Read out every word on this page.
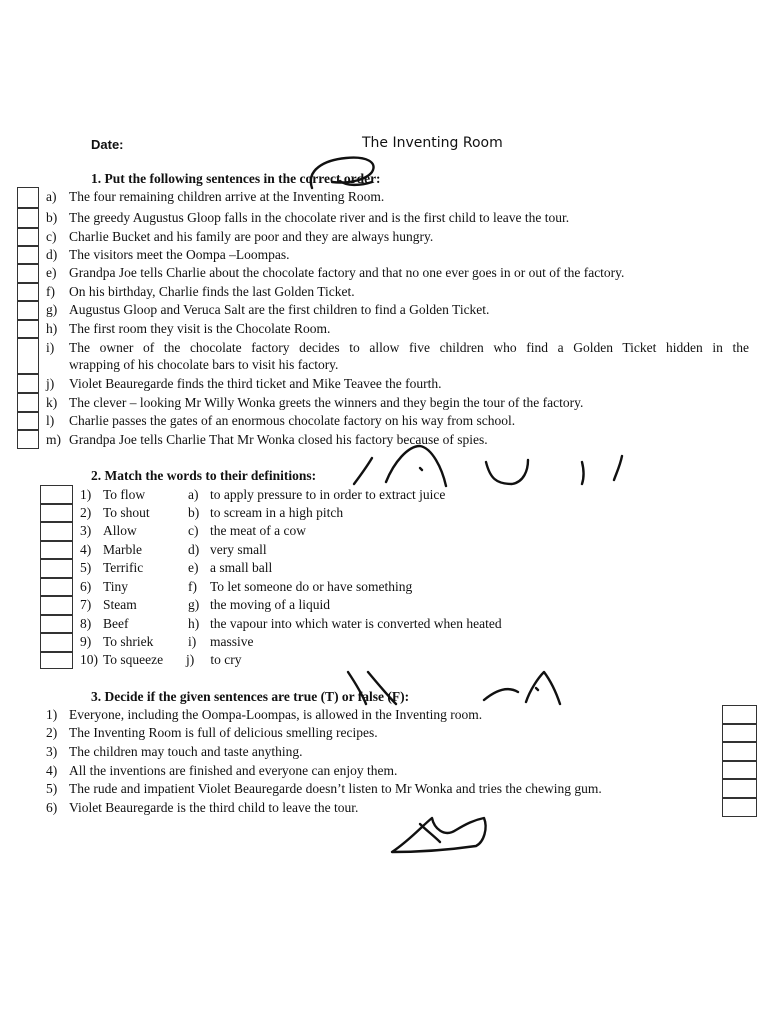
Date:	The Inventing Room
1. Put the following sentences in the correct order:
a) The four remaining children arrive at the Inventing Room.
b) The greedy Augustus Gloop falls in the chocolate river and is the first child to leave the tour.
c) Charlie Bucket and his family are poor and they are always hungry.
d) The visitors meet the Oompa –Loompas.
e) Grandpa Joe tells Charlie about the chocolate factory and that no one ever goes in or out of the factory.
f) On his birthday, Charlie finds the last Golden Ticket.
g) Augustus Gloop and Veruca Salt are the first children to find a Golden Ticket.
h) The first room they visit is the Chocolate Room.
i) The owner of the chocolate factory decides to allow five children who find a Golden Ticket hidden in the
wrapping of his chocolate bars to visit his factory.
j) Violet Beauregarde finds the third ticket and Mike Teavee the fourth.
k) The clever – looking Mr Willy Wonka greets the winners and they begin the tour of the factory.
l) Charlie passes the gates of an enormous chocolate factory on his way from school.
m) Grandpa Joe tells Charlie That Mr Wonka closed his factory because of spies.
2. Match the words to their definitions:
1) To flow	a) to apply pressure to in order to extract juice
2) To shout	b) to scream in a high pitch
3) Allow	c) the meat of a cow
4) Marble	d) very small
5) Terrific	e) a small ball
6) Tiny	f) To let someone do or have something
7) Steam	g) the moving of a liquid
8) Beef	h) the vapour into which water is converted when heated
9) To shriek	i) massive
10) To squeeze j) to cry
3. Decide if the given sentences are true (T) or false (F):
1) Everyone, including the Oompa-Loompas, is allowed in the Inventing room.
2) The Inventing Room is full of delicious smelling recipes.
3) The children may touch and taste anything.
4) All the inventions are finished and everyone can enjoy them.
5) The rude and impatient Violet Beauregarde doesn’t listen to Mr Wonka and tries the chewing gum.
6) Violet Beauregarde is the third child to leave the tour.
